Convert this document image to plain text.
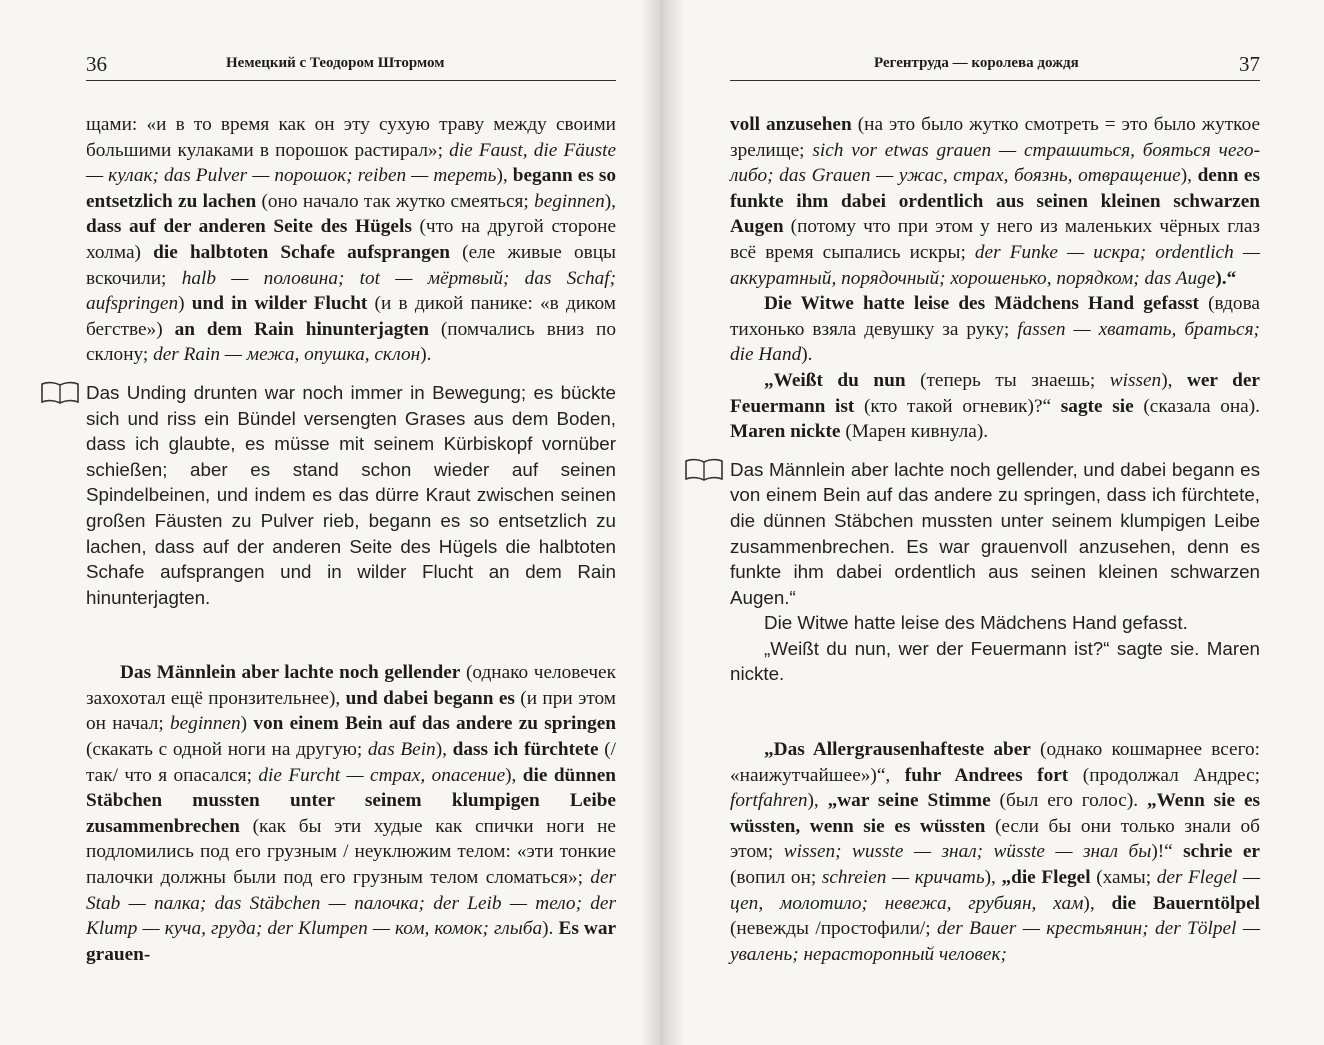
36	Немецкий с Теодором Штормом

щами: «и в то время как он эту сухую траву между своими большими кулаками в порошок растирал»; die Faust, die Fäuste — кулак; das Pulver — порошок; reiben — тереть), begann es so entsetzlich zu lachen (оно начало так жутко смеяться; beginnen), dass auf der anderen Seite des Hügels (что на другой стороне холма) die halbtoten Schafe aufsprangen (еле живые овцы вскочили; halb — половина; tot — мёртвый; das Schaf; aufspringen) und in wilder Flucht (и в дикой панике: «в диком бегстве») an dem Rain hinunterjagten (помчались вниз по склону; der Rain — межа, опушка, склон).

Das Unding drunten war noch immer in Bewegung; es bückte sich und riss ein Bündel versengten Grases aus dem Boden, dass ich glaubte, es müsse mit seinem Kürbiskopf vornüber schießen; aber es stand schon wieder auf seinen Spindelbeinen, und indem es das dürre Kraut zwischen seinen großen Fäusten zu Pulver rieb, begann es so entsetzlich zu lachen, dass auf der anderen Seite des Hügels die halbtoten Schafe aufsprangen und in wilder Flucht an dem Rain hinunterjagten.

Das Männlein aber lachte noch gellender (однако человечек захохотал ещё пронзительнее), und dabei begann es (и при этом он начал; beginnen) von einem Bein auf das andere zu springen (скакать с одной ноги на другую; das Bein), dass ich fürchtete (/так/ что я опасался; die Furcht — страх, опасение), die dünnen Stäbchen mussten unter seinem klumpigen Leibe zusammenbrechen (как бы эти худые как спички ноги не подломились под его грузным / неуклюжим телом: «эти тонкие палочки должны были под его грузным телом сломаться»; der Stab — палка; das Stäbchen — палочка; der Leib — тело; der Klump — куча, груда; der Klumpen — ком, комок; глыба). Es war grauen-

Регентруда — королева дождя	37

voll anzusehen (на это было жутко смотреть = это было жуткое зрелище; sich vor etwas grauen — страшиться, бояться чего-либо; das Grauen — ужас, страх, боязнь, отвращение), denn es funkte ihm dabei ordentlich aus seinen kleinen schwarzen Augen (потому что при этом у него из маленьких чёрных глаз всё время сыпались искры; der Funke — искра; ordentlich — аккуратный, порядочный; хорошенько, порядком; das Auge).“

Die Witwe hatte leise des Mädchens Hand gefasst (вдова тихонько взяла девушку за руку; fassen — хватать, браться; die Hand).

„Weißt du nun (теперь ты знаешь; wissen), wer der Feuermann ist (кто такой огневик)?“ sagte sie (сказала она). Maren nickte (Марен кивнула).

Das Männlein aber lachte noch gellender, und dabei begann es von einem Bein auf das andere zu springen, dass ich fürchtete, die dünnen Stäbchen mussten unter seinem klumpigen Leibe zusammenbrechen. Es war grauenvoll anzusehen, denn es funkte ihm dabei ordentlich aus seinen kleinen schwarzen Augen.“

Die Witwe hatte leise des Mädchens Hand gefasst.

„Weißt du nun, wer der Feuermann ist?“ sagte sie. Maren nickte.

„Das Allergrausenhafteste aber (однако кошмарнее всего: «наижутчайшее»)“, fuhr Andrees fort (продолжал Андрес; fortfahren), „war seine Stimme (был его голос). „Wenn sie es wüssten, wenn sie es wüssten (если бы они только знали об этом; wissen; wusste — знал; wüsste — знал бы)!“ schrie er (вопил он; schreien — кричать), „die Flegel (хамы; der Flegel — цеп, молотило; невежа, грубиян, хам), die Bauerntölpel (невежды /простофили/; der Bauer — крестьянин; der Tölpel — увалень; нерасторопный человек;
